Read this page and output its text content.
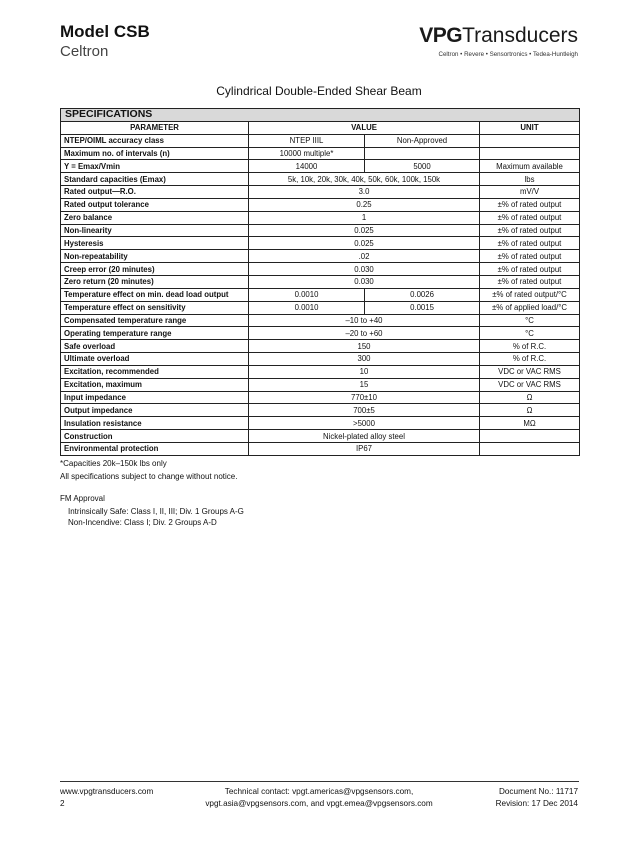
Model CSB
Celtron
VPGTransducers
Celtron • Revere • Sensortronics • Tedea-Huntleigh
Cylindrical Double-Ended Shear Beam
SPECIFICATIONS			
PARAMETER	VALUE		UNIT
NTEP/OIML accuracy class	NTEP IIIL	Non-Approved	
Maximum no. of intervals (n)	10000 multiple*		
Y = Emax/Vmin	14000	5000	Maximum available
Standard capacities (Emax)	5k, 10k, 20k, 30k, 40k, 50k, 60k, 100k, 150k		lbs
Rated output—R.O.	3.0		mV/V
Rated output tolerance	0.25		±% of rated output
Zero balance	1		±% of rated output
Non-linearity	0.025		±% of rated output
Hysteresis	0.025		±% of rated output
Non-repeatability	.02		±% of rated output
Creep error (20 minutes)	0.030		±% of rated output
Zero return (20 minutes)	0.030		±% of rated output
Temperature effect on min. dead load output	0.0010	0.0026	±% of rated output/°C
Temperature effect on sensitivity	0.0010	0.0015	±% of applied load/°C
Compensated temperature range	–10 to +40		°C
Operating temperature range	–20 to +60		°C
Safe overload	150		% of R.C.
Ultimate overload	300		% of R.C.
Excitation, recommended	10		VDC or VAC RMS
Excitation, maximum	15		VDC or VAC RMS
Input impedance	770±10		Ω
Output impedance	700±5		Ω
Insulation resistance	>5000		MΩ
Construction	Nickel-plated alloy steel		
Environmental protection	IP67		
*Capacities 20k–150k lbs only
All specifications subject to change without notice.
FM Approval
Intrinsically Safe: Class I, II, III; Div. 1 Groups A-G
Non-Incendive: Class I; Div. 2 Groups A-D
www.vpgtransducers.com
2
Technical contact: vpgt.americas@vpgsensors.com,
vpgt.asia@vpgsensors.com, and vpgt.emea@vpgsensors.com
Document No.: 11717
Revision: 17 Dec 2014
